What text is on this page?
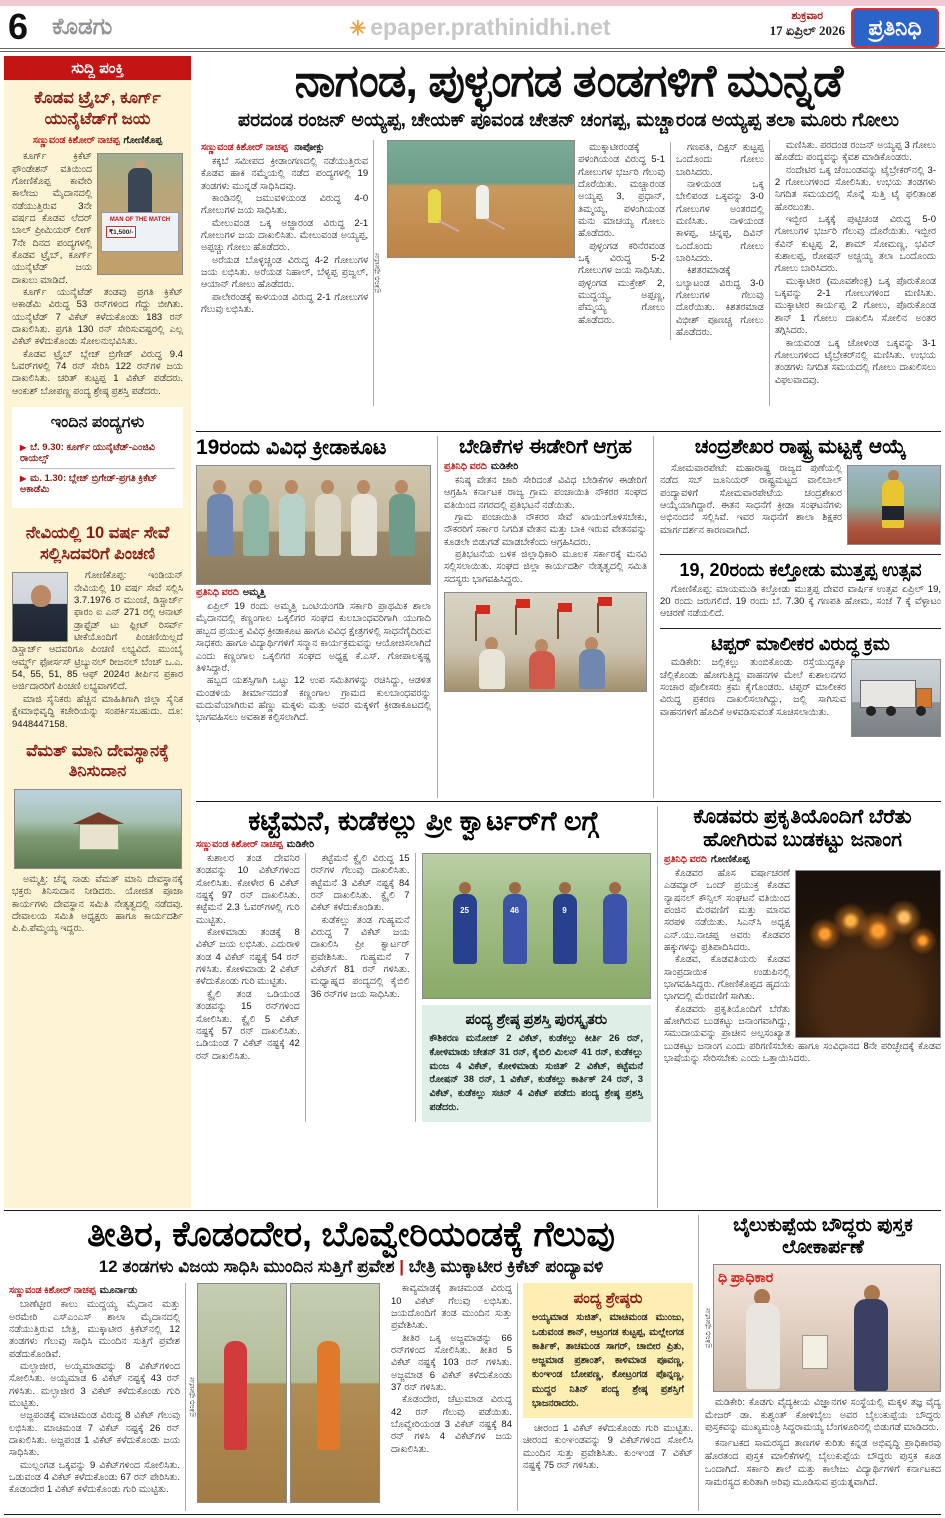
6 ಕೊಡಗು	✳ epaper.prathinidhi.net	ಶುಕ್ರವಾರ
17 ಏಪ್ರಿಲ್ 2026	ಪ್ರತಿನಿಧಿ
ಸುದ್ದಿ ಪಂಕ್ತಿ
ಕೊಡವ ಟ್ರೈಬ್, ಕೂರ್ಗ್ ಯುನೈಟೆಡ್‌ಗೆ ಜಯ
ಸಣ್ಣುವಂಡ ಕಿಶೋರ್ ನಾಚಪ್ಪ ಗೋಣಿಕೊಪ್ಪ
MAN OF THE MATCH
₹1,500/-

ಕೂರ್ಗ್ ಕ್ರಿಕೆಟ್ ಫೌಂಡೇಶನ್ ವತಿಯಿಂದ ಗೋಣಿಕೊಪ್ಪ ಕಾವೇರಿ ಕಾಲೇಜು ಮೈದಾನದಲ್ಲಿ ನಡೆಯುತ್ತಿರುವ 3ನೇ ವರ್ಷದ ಕೊಡವ ಲೆದರ್ ಬಾಲ್ ಪ್ರೀಮಿಯರ್ ಲೀಗ್ 7ನೇ ದಿನದ ಪಂದ್ಯಗಳಲ್ಲಿ ಕೊಡವ ಟ್ರೈಬ್, ಕೂರ್ಗ್ ಯುನೈಟೆಡ್ ಜಯ ದಾಖಲು ಮಾಡಿದೆ.

ಕೂರ್ಗ್ ಯುನೈಟೆಡ್ ತಂಡವು ಪ್ರಗತಿ ಕ್ರಿಕೆಟ್ ಅಕಾಡೆಮಿ ವಿರುದ್ಧ 53 ರನ್‌ಗಳಿಂದ ಗೆದ್ದು ಬೀಗಿತು. ಯುನೈಟೆಡ್ 7 ವಿಕೆಟ್ ಕಳೆದುಕೊಂಡು 183 ರನ್ ದಾಖಲಿಸಿತು. ಪ್ರಗತಿ 130 ರನ್ ಸೇರಿಸುವಷ್ಟರಲ್ಲಿ ಎಲ್ಲ ವಿಕೆಟ್ ಕಳೆದುಕೊಂಡು ಸೋಲನುಭವಿಸಿತು.

ಕೊಡವ ಟ್ರೈಬ್ ಬ್ಲೇಜ್ ಬ್ರಿಗೇಡ್ ವಿರುದ್ಧ 9.4 ಓವರ್‌ಗಳಲ್ಲಿ 74 ರನ್ ಸೇರಿಸಿ 122 ರನ್‌ಗಳ ಜಯ ದಾಖಲಿಸಿತು. ಚರಿತ್ ಕುಟ್ಟಪ್ಪ 1 ವಿಕೆಟ್ ಪಡೆದರು. ಆಂಕುಶ್ ಬೋಪಣ್ಣ ಪಂದ್ಯ ಶ್ರೇಷ್ಠ ಪ್ರಶಸ್ತಿ ಪಡೆದರು.

ಇಂದಿನ ಪಂದ್ಯಗಳು
▶ ಬೆ. 9.30: ಕೂರ್ಗ್ ಯುನೈಟೆಡ್-ಎಂಜಿವಿ ರಾಯಲ್ಸ್
▶ ಮ. 1.30: ಬ್ಲೇಜ್ ಬ್ರಿಗೇಡ್-ಪ್ರಗತಿ ಕ್ರಿಕೆಟ್ ಅಕಾಡೆಮಿ
ನೇವಿಯಲ್ಲಿ 10 ವರ್ಷ ಸೇವೆ ಸಲ್ಲಿಸಿದವರಿಗೆ ಪಿಂಚಣಿ

ಗೋಣಿಕೊಪ್ಪ: ಇಂಡಿಯನ್ ನೇವಿಯಲ್ಲಿ 10 ವರ್ಷ ಸೇವೆ ಸಲ್ಲಿಸಿ 3.7.1976 ರ ಮುಂಚೆ, ಡಿಸ್ಚಾರ್ಜ್ ಫಾರಂ ಐ ಎನ್ 271 ರಲ್ಲಿ ಆನಾಟ್ ಡ್ರಾಫ್ಟೆಡ್ ಟು ಫ್ಲೀಟ್ ರಿಸರ್ವ್ ಟೀಕೆಯೊಂದಿಗೆ ಪಿಂಚಣಿಯಿಲ್ಲದೆ ಡಿಸ್ಚಾರ್ಜ್ ಆದವರಿಗೂ ಪಿಂಚಣಿ ಲಭ್ಯವಿದೆ. ಮುಂಬೈ ಆರ್ಮ್ಡ್ ಫೋರ್ಸಸ್ ಟ್ರಿಬ್ಯುನಲ್ ರೀಜನಲ್ ಬೆಂಚ್ ಒ.ಎ. 54, 55, 51, 85 ಆಫ್ 2024ರ ತೀರ್ಪಿನ ಪ್ರಕಾರ ಅರ್ಜಿದಾರರಿಗೆ ಪಿಂಚಣಿ ಲಭ್ಯವಾಗಲಿದೆ.

ಮಾಜಿ ಸೈನಿಕರು ಹೆಚ್ಚಿನ ಮಾಹಿತಿಗಾಗಿ ಜಿಲ್ಲಾ ಸೈನಿಕ ಕ್ಷೇಮಾಭಿವೃದ್ಧಿ ಕಚೇರಿಯನ್ನು ಸಂಪರ್ಕಿಸಬಹುದು. ದೂ: 9448447158.

ವೆಮತ್ ಮಾನಿ ದೇವಸ್ಥಾನಕ್ಕೆ ತಿನಿಸುದಾನ

ಅಮ್ಮತ್ತಿ: ಚೆನ್ನ ನಾಡು ವೆಮತ್ ಮಾನಿ ದೇವಸ್ಥಾನಕ್ಕೆ ಭಕ್ತರು ತಿನಿಸುದಾನ ನೀಡಿದರು. ಯೋಜಿತ ಪೂಜಾ ಕಾರ್ಯಗಳು ದೇವಸ್ಥಾನ ಸಮಿತಿ ನೇತೃತ್ವದಲ್ಲಿ ನಡೆದವು. ದೇವಾಲಯ ಸಮಿತಿ ಅಧ್ಯಕ್ಷರು ಹಾಗೂ ಕಾರ್ಯದರ್ಶಿ ಪಿ.ಪಿ.ಪೆಮ್ಮಯ್ಯ ಇದ್ದರು.

ನಾಗಂಡ, ಪುಳ್ಳಂಗಡ ತಂಡಗಳಿಗೆ ಮುನ್ನಡೆ
ಪರದಂಡ ರಂಜನ್ ಅಯ್ಯಪ್ಪ, ಚೇಯಕ್ ಪೂವಂಡ ಚೇತನ್ ಚಂಗಪ್ಪ, ಮಚ್ಚಾರಂಡ ಅಯ್ಯಪ್ಪ ತಲಾ ಮೂರು ಗೋಲು
ಸಣ್ಣುವಂಡ ಕಿಶೋರ್ ನಾಚಪ್ಪ ನಾಪೋಕ್ಲು

ಕಕ್ಕಬೆ ಸಮೀಪದ ಕ್ರೀಡಾಂಗಣದಲ್ಲಿ ನಡೆಯುತ್ತಿರುವ ಕೊಡವ ಹಾಕಿ ನಮ್ಮೆಯಲ್ಲಿ ನಡೆದ ಪಂದ್ಯಗಳಲ್ಲಿ 19 ತಂಡಗಳು ಮುನ್ನಡೆ ಸಾಧಿಸಿದವು.

ಕಾಂಡಿನಲ್ಲಿ ಜಮುವಳಿಯಂಡ ವಿರುದ್ಧ 4-0 ಗೋಲುಗಳ ಜಯ ಸಾಧಿಸಿತು.

ಮೇಲುವಂಡ ಒಕ್ಕ ಅಜ್ಜಾರಂಡ ವಿರುದ್ಧ 2-1 ಗೋಲುಗಳ ಜಯ ದಾಖಲಿಸಿತು. ಮೇಲುವಂಡ ಅಯ್ಯಪ್ಪ, ಅಪ್ಪಚ್ಚು ಗೋಲು ಹೊಡೆದರು.

ಅರೆಯಡ ಬೊಳ್ಳಚ್ಚಂಡ ವಿರುದ್ಧ 4-2 ಗೋಲುಗಳ ಜಯ ಲಭಿಸಿತು. ಅರೆಯಡ ನಿಹಾಲ್, ಬೆಳ್ಯಪ್ಪ ಪ್ರಜ್ವಲ್, ಆಯಾನ್ ಗೋಲು ಹೊಡೆದರು.

ಪಾಲೇರಂಡಕ್ಕೆ ಕಾಳಯಂಡ ವಿರುದ್ಧ 2-1 ಗೋಲುಗಳ ಗೆಲುವು ಲಭಿಸಿತು.

ಪ್ರತಿನಿಧಿ ಫೋಟೋ

ಮುಕ್ಕಾಟೀರಂಡಕ್ಕೆ ಪಳಂಗಿಯಂಡ ವಿರುದ್ಧ 5-1 ಗೋಲುಗಳ ಭರ್ಜರಿ ಗೆಲುವು ದೊರೆಯಿತು. ಮಚ್ಚಾರಂಡ ಅಯ್ಯಪ್ಪ 3, ಪ್ರಧಾನ್, ತಿಮ್ಮಯ್ಯ, ಪಳಂಗಿಯಂಡ ಮನು ಮಾಚಯ್ಯ ಗೋಲು ಹೊಡೆದರು.

ಪುಳ್ಳಂಗಡ ಕರಿನೆರವಂಡ ಒಕ್ಕ ವಿರುದ್ಧ 5-2 ಗೋಲುಗಳ ಜಯ ಸಾಧಿಸಿತು. ಪುಳ್ಳಂಗಡ ಮುಕ್ತೇಶ್ 2, ಮುದ್ದಯ್ಯ, ಅಪ್ಪಣ್ಣ, ಪೆಮ್ಮಯ್ಯ ಗೋಲು ಹೊಡೆದರು.

ಗಣಪತಿ, ದಿಕ್ಷನ್ ಕುಟ್ಟಪ್ಪ ಒಂದೊಂದು ಗೋಲು ಬಾರಿಸಿದರು.

ನಾಳಿಯಂಡ ಒಕ್ಕ ಬೇಲಿಪಂಡ ಒಕ್ಕವನ್ನು 3-0 ಗೋಲುಗಳ ಅಂತರದಲ್ಲಿ ಮಣಿಸಿತು. ನಾಳಿಯಂಡ ಕಾಳಪ್ಪ, ಚಿನ್ನಪ್ಪ, ದಿವಿನ್ ಒಂದೊಂದು ಗೋಲು ಬಾರಿಸಿದರು.

ಕಿಶತರಮಾಡಕ್ಕೆ ಬಲ್ಯಾಟಂಡ ವಿರುದ್ಧ 3-0 ಗೋಲುಗಳ ಗೆಲುವು ದೊರೆಯಿತು. ಕಿಶತರಮಾಡ ವಿಭೀಶ್ ಪೂಣಚ್ಚ ಗೋಲು ಹೊಡೆದರು.

ಮಣಿಸಿತು. ಪರದಂಡ ರಂಜನ್ ಅಯ್ಯಪ್ಪ 3 ಗೋಲು ಹೊಡೆದು ಪಂದ್ಯವನ್ನು ಕೈವಶ ಮಾಡಿಕೊಂಡರು.

ನಂದೇಟಿರ ಒಕ್ಕ ಚೆಂಬಂಡವನ್ನು ಟೈಬ್ರೇಕರ್‌ನಲ್ಲಿ 3-2 ಗೋಲುಗಳಿಂದ ಸೋಲಿಸಿತು. ಉಭಯ ತಂಡಗಳು ನಿಗದಿತ ಸಮಯದಲ್ಲಿ ಸೊನ್ನೆ ಸುತ್ತಿ ಟೈ ಫಲಿತಾಂಶ ಹೊರಬಂತು.

ಇಬ್ಬೀರ ಒಕ್ಕಕ್ಕೆ ಪುಟ್ಟಿಚಂಡ ವಿರುದ್ಧ 5-0 ಗೋಲುಗಳ ಭರ್ಜರಿ ಗೆಲುವು ದೊರೆಯಿತು. ಇಬ್ಬೀರ ಕೆವಿನ್ ಕುಟ್ಟಪ್ಪ 2, ಶಾಮ್ ಸೋಮಣ್ಣ, ಭವಿನ್ ಕುಶಾಲಪ್ಪ, ರೋಷನ್ ಅಚ್ಚಯ್ಯ ತಲಾ ಒಂದೊಂದು ಗೋಲು ಬಾರಿಸಿದರು.

ಮುಕ್ಕಾಟೀರ (ಮೂವಶೇಂಕ್ಲ) ಒಕ್ಕ ಪೊರುಕೊಂಡ ಒಕ್ಕವನ್ನು 2-1 ಗೋಲುಗಳಿಂದ ಮಣಿಸಿತು. ಮುಕ್ಕಾಟೀರ ಕಾರ್ಯಪ್ಪ 2 ಗೋಲು, ಪೊರುಕೊಂಡ ಶಾನ್ 1 ಗೋಲು ದಾಖಲಿಸಿ ಸೋಲಿನ ಅಂತರ ತಗ್ಗಿಸಿದರು.

ಕಾಯವಂಡ ಒಕ್ಕ ಚೋಳಂಡ ಒಕ್ಕವನ್ನು 3-1 ಗೋಲುಗಳಿಂದ ಟೈಬ್ರೇಕರ್‌ನಲ್ಲಿ ಮಣಿಸಿತು. ಉಭಯ ತಂಡಗಳು ನಿಗದಿತ ಸಮಯದಲ್ಲಿ ಗೋಲು ದಾಖಲಿಸಲು ವಿಫಲವಾದವು.

19ರಂದು ವಿವಿಧ ಕ್ರೀಡಾಕೂಟ
ಪ್ರತಿನಿಧಿ ವರದಿ ಅಮ್ಮತ್ತಿ

ಏಪ್ರಿಲ್ 19 ರಂದು ಅಮ್ಮತ್ತಿ ಒಂಟಿಯಂಗಡಿ ಸರ್ಕಾರಿ ಪ್ರಾಥಮಿಕ ಶಾಲಾ ಮೈದಾನದಲ್ಲಿ ಕಣ್ಣಂಗಾಲ ಒಕ್ಕಲಿಗರ ಸಂಘದ ಕುಲಬಾಂಧವರಿಗಾಗಿ ಯುಗಾದಿ ಹಬ್ಬದ ಪ್ರಯುಕ್ತ ವಿವಿಧ ಕ್ರೀಡಾಕೂಟ ಹಾಗೂ ವಿವಿಧ ಕ್ಷೇತ್ರಗಳಲ್ಲಿ ಸಾಧನೆಗೈದಿರುವ ಸಾಧಕರು ಹಾಗೂ ವಿದ್ಯಾರ್ಥಿಗಳಿಗೆ ಸನ್ಮಾನ ಕಾರ್ಯಕ್ರಮವನ್ನು ಆಯೋಜಿಸಲಾಗಿದೆ ಎಂದು ಕಣ್ಣಂಗಾಲ ಒಕ್ಕಲಿಗರ ಸಂಘದ ಅಧ್ಯಕ್ಷ ಕೆ.ಎಸ್. ಗೋಪಾಲಕೃಷ್ಣ ತಿಳಿಸಿದ್ದಾರೆ.

ಹಬ್ಬದ ಯಶಸ್ಸಿಗಾಗಿ ಒಟ್ಟು 12 ಉಪ ಸಮಿತಿಗಳನ್ನು ರಚಿಸಿದ್ದು, ಆಡಳಿತ ಮಂಡಳಿಯ ತೀರ್ಮಾನದಂತೆ ಕಣ್ಣಂಗಾಲ ಗ್ರಾಮದ ಕುಲಬಾಂಧವರನ್ನು ಮದುವೆಯಾಗಿರುವ ಹೆಣ್ಣು ಮಕ್ಕಳು ಮತ್ತು ಅವರ ಮಕ್ಕಳಿಗೆ ಕ್ರೀಡಾಕೂಟದಲ್ಲಿ ಭಾಗವಹಿಸಲು ಅವಕಾಶ ಕಲ್ಪಿಸಲಾಗಿದೆ.

ಬೇಡಿಕೆಗಳ ಈಡೇರಿಗೆ ಆಗ್ರಹ
ಪ್ರತಿನಿಧಿ ವರದಿ ಮಡಿಕೇರಿ

ಕನಿಷ್ಠ ವೇತನ ಜಾರಿ ಸೇರಿದಂತೆ ವಿವಿಧ ಬೇಡಿಕೆಗಳ ಈಡೇರಿಗೆ ಆಗ್ರಹಿಸಿ ಕರ್ನಾಟಕ ರಾಜ್ಯ ಗ್ರಾಮ ಪಂಚಾಯಿತಿ ನೌಕರರ ಸಂಘದ ವತಿಯಿಂದ ನಗರದಲ್ಲಿ ಪ್ರತಿಭಟನೆ ನಡೆಯಿತು.

ಗ್ರಾಮ ಪಂಚಾಯಿತಿ ನೌಕರರ ಸೇವೆ ಖಾಯಂಗೊಳಿಸಬೇಕು, ನೌಕರರಿಗೆ ಸರ್ಕಾರ ನಿಗದಿತ ವೇತನ ಮತ್ತು ಬಾಕಿ ಇರುವ ವೇತನವನ್ನು ಕೂಡಲೇ ಬಿಡುಗಡೆ ಮಾಡಬೇಕೆಂದು ಆಗ್ರಹಿಸಿದರು.

ಪ್ರತಿಭಟನೆಯ ಬಳಿಕ ಜಿಲ್ಲಾಧಿಕಾರಿ ಮೂಲಕ ಸರ್ಕಾರಕ್ಕೆ ಮನವಿ ಸಲ್ಲಿಸಲಾಯಿತು. ಸಂಘದ ಜಿಲ್ಲಾ ಕಾರ್ಯದರ್ಶಿ ನೇತೃತ್ವದಲ್ಲಿ ಸಮಿತಿ ಸದಸ್ಯರು ಭಾಗವಹಿಸಿದ್ದರು.

ಚಂದ್ರಶೇಖರ ರಾಷ್ಟ್ರ ಮಟ್ಟಕ್ಕೆ ಆಯ್ಕೆ

ಸೋಮವಾರಪೇಟೆ: ಮಹಾರಾಷ್ಟ್ರ ರಾಜ್ಯದ ಪುಣೆಯಲ್ಲಿ ನಡೆದ ಸಬ್ ಜೂನಿಯರ್ ರಾಷ್ಟ್ರಮಟ್ಟದ ವಾಲಿಬಾಲ್ ಪಂದ್ಯಾವಳಿಗೆ ಸೋಮವಾರಪೇಟೆಯ ಚಂದ್ರಶೇಖರ ಆಯ್ಕೆಯಾಗಿದ್ದಾರೆ. ಈತನ ಸಾಧನೆಗೆ ಕ್ರೀಡಾ ಸಂಘಟನೆಗಳು ಅಭಿನಂದನೆ ಸಲ್ಲಿಸಿವೆ. ಇವರ ಸಾಧನೆಗೆ ಶಾಲಾ ಶಿಕ್ಷಕರ ಮಾರ್ಗದರ್ಶನ ಕಾರಣವಾಗಿದೆ.

19, 20ರಂದು ಕಲ್ತೋಡು ಮುತ್ತಪ್ಪ ಉತ್ಸವ

ಗೋಣಿಕೊಪ್ಪ: ಮಾಯಮುಡಿ ಕಲ್ತೋಡು ಮುತ್ತಪ್ಪ ದೇವರ ವಾರ್ಷಿಕ ಉತ್ಸವ ಏಪ್ರಿಲ್ 19, 20 ರಂದು ಜರುಗಲಿದೆ. 19 ರಂದು ಬೆ. 7.30 ಕ್ಕೆ ಗಣಪತಿ ಹೋಮ, ಸಂಜೆ 7 ಕ್ಕೆ ವೆಳ್ಳಾಟಂ ಆಚರಣೆ ನಡೆಯಲಿದೆ.

ಟಿಪ್ಪರ್ ಮಾಲೀಕರ ವಿರುದ್ಧ ಕ್ರಮ

ಮಡಿಕೇರಿ: ಜಲ್ಲಿಕಲ್ಲು ತುಂಬಿಕೊಂಡು ರಸ್ತೆಯುದ್ದಕ್ಕೂ ಚೆಲ್ಲಿಕೊಂಡು ಹೋಗುತ್ತಿದ್ದ ವಾಹನಗಳ ಮೇಲೆ ಕುಶಾಲನಗರ ಸಂಚಾರ ಪೊಲೀಸರು ಕ್ರಮ ಕೈಗೊಂಡರು. ಟಿಪ್ಪರ್ ಮಾಲೀಕರ ವಿರುದ್ಧ ಪ್ರಕರಣ ದಾಖಲಿಸಲಾಗಿದ್ದು, ಜಲ್ಲಿ ಸಾಗಿಸುವ ವಾಹನಗಳಿಗೆ ಹೊದಿಕೆ ಅಳವಡಿಸುವಂತೆ ಸೂಚಿಸಲಾಯಿತು.

ಕಟ್ಟೆಮನೆ, ಕುಡೆಕಲ್ಲು ಪ್ರೀ ಕ್ವಾರ್ಟರ್‌ಗೆ ಲಗ್ಗೆ
ಸಣ್ಣುವಂಡ ಕಿಶೋರ್ ನಾಚಪ್ಪ ಮಡಿಕೇರಿ

ಕುಶಾಲರ ತಂಡ ದೇವನಿರ ತಂಡವನ್ನು 10 ವಿಕೆಟ್‌ಗಳಿಂದ ಸೋಲಿಸಿತು. ಕೋಳೇರ 6 ವಿಕೆಟ್ ನಷ್ಟಕ್ಕೆ 97 ರನ್ ದಾಖಲಿಸಿತು. ಕಟ್ಟೆಮನೆ 2.3 ಓವರ್‌ಗಳಲ್ಲಿ ಗುರಿ ಮುಟ್ಟಿತು.

ಕೋಳಿಮಾಡು ತಂಡಕ್ಕೆ 8 ವಿಕೆಟ್ ಜಯ ಲಭಿಸಿತು. ಎದುರಾಳಿ ತಂಡ 4 ವಿಕೆಟ್ ನಷ್ಟಕ್ಕೆ 54 ರನ್ ಗಳಿಸಿತು. ಕೋಳಿಮಾಡು 2 ವಿಕೆಟ್ ಕಳೆದುಕೊಂಡು ಗುರಿ ಮುಟ್ಟಿತು.

ಕ್ವೈಲಿ ತಂಡ ಒಡಿಯಂಡ ತಂಡವನ್ನು 15 ರನ್‌ಗಳಿಂದ ಸೋಲಿಸಿತು. ಕ್ವೈಲಿ 5 ವಿಕೆಟ್ ನಷ್ಟಕ್ಕೆ 57 ರನ್ ದಾಖಲಿಸಿತು. ಒಡಿಯಂಡ 7 ವಿಕೆಟ್ ನಷ್ಟಕ್ಕೆ 42 ರನ್ ದಾಖಲಿಸಿತು.

ಕಟ್ಟೆಮನೆ ಕ್ವೈಲಿ ವಿರುದ್ಧ 15 ರನ್‌ಗಳ ಗೆಲುವು ದಾಖಲಿಸಿತು. ಕಟ್ಟೆಮನೆ 3 ವಿಕೆಟ್ ನಷ್ಟಕ್ಕೆ 84 ರನ್ ದಾಖಲಿಸಿತು. ಕ್ವೈಲಿ 7 ವಿಕೆಟ್ ಕಳೆದುಕೊಂಡಿತು.

ಕುಡೆಕಲ್ಲು ತಂಡ ಗುಹ್ಯಮನೆ ವಿರುದ್ಧ 7 ವಿಕೆಟ್ ಜಯ ದಾಖಲಿಸಿ ಪ್ರೀ ಕ್ವಾರ್ಟರ್ ಪ್ರವೇಶಿಸಿತು. ಗುಹ್ಯಮನೆ 7 ವಿಕೆಟ್‌ಗೆ 81 ರನ್ ಗಳಿಸಿತು. ಮಧ್ಯಾಹ್ನದ ಪಂದ್ಯದಲ್ಲಿ ಕೈಬಿಲಿ 36 ರನ್‌ಗಳ ಜಯ ಸಾಧಿಸಿತು.

25	46	9
ಪಂದ್ಯ ಶ್ರೇಷ್ಠ ಪ್ರಶಸ್ತಿ ಪುರಸ್ಕೃತರು
ಕೌಶಿಕರಣ ಮನೋಜ್ 2 ವಿಕೆಟ್, ಕುಡೆಕಲ್ಲು ಕೀರ್ತಿ 26 ರನ್, ಕೋಳಿಮಾಡು ಚೇತನ್ 31 ರನ್, ಕೈಬಿಲಿ ಮಿಲನ್ 41 ರನ್, ಕುಡೆಕಲ್ಲು ಮಂಜ 4 ವಿಕೆಟ್, ಕೋಳಿಮಾಡು ಸುಜಿತ್ 2 ವಿಕೆಟ್, ಕಟ್ಟೆಮನೆ ರೋಷನ್ 38 ರನ್, 1 ವಿಕೆಟ್, ಕುಡೆಕಲ್ಲು ಕಾರ್ತಿಕ್ 24 ರನ್, 3 ವಿಕೆಟ್, ಕುಡೆಕಲ್ಲು ಸಚಿನ್ 4 ವಿಕೆಟ್ ಪಡೆದು ಪಂದ್ಯ ಶ್ರೇಷ್ಠ ಪ್ರಶಸ್ತಿ ಪಡೆದರು.
ಕೊಡವರು ಪ್ರಕೃತಿಯೊಂದಿಗೆ ಬೆರೆತು ಹೋಗಿರುವ ಬುಡಕಟ್ಟು ಜನಾಂಗ
ಪ್ರತಿನಿಧಿ ವರದಿ ಗೋಣಿಕೊಪ್ಪ

ಕೊಡವರ ಹೊಸ ವರ್ಷಾಚರಣೆ ಎಡಮ್ಯಾರ್ ಒಂದ್ ಪ್ರಯುಕ್ತ ಕೊಡವ ನ್ಯಾಷನಲ್ ಕೌನ್ಸಿಲ್ ಸಂಘಟನೆ ವತಿಯಿಂದ ಪಂಜಿನ ಮೆರವಣಿಗೆ ಮತ್ತು ಮಾನವ ಸರಪಳಿ ನಡೆಯಿತು. ಸಿಎನ್‌ಸಿ ಅಧ್ಯಕ್ಷ ಎನ್.ಯು.ನಾಚಪ್ಪ ಅವರು ಕೊಡವರ ಹಕ್ಕುಗಳನ್ನು ಪ್ರತಿಪಾದಿಸಿದರು.

ಕೊಡವ, ಕೊಡವತಿಯರು ಕೊಡವ ಸಾಂಪ್ರದಾಯಿಕ ಉಡುಪಿನಲ್ಲಿ ಭಾಗವಹಿಸಿದ್ದರು. ಗೋಣಿಕೊಪ್ಪದ ಹೃದಯ ಭಾಗದಲ್ಲಿ ಮೆರವಣಿಗೆ ಸಾಗಿತು.

ಕೊಡವರು ಪ್ರಕೃತಿಯೊಂದಿಗೆ ಬೆರೆತು ಹೋಗಿರುವ ಬುಡಕಟ್ಟು ಜನಾಂಗವಾಗಿದ್ದು, ಸಮುದಾಯವನ್ನು ಪ್ರಾಚೀನ ಅಲ್ಪಸಂಖ್ಯಾತ ಬುಡಕಟ್ಟು ಜನಾಂಗ ಎಂದು ಪರಿಗಣಿಸಬೇಕು ಹಾಗೂ ಸಂವಿಧಾನದ 8ನೇ ಪರಿಚ್ಛೇದಕ್ಕೆ ಕೊಡವ ಭಾಷೆಯನ್ನು ಸೇರಿಸಬೇಕು ಎಂದು ಒತ್ತಾಯಿಸಿದರು.

ತೀತಿರ, ಕೊಡಂದೇರ, ಬೊವ್ವೇರಿಯಂಡಕ್ಕೆ ಗೆಲುವು
12 ತಂಡಗಳು ವಿಜಯ ಸಾಧಿಸಿ ಮುಂದಿನ ಸುತ್ತಿಗೆ ಪ್ರವೇಶ | ಬೇತ್ರಿ ಮುಕ್ಕಾಟೀರ ಕ್ರಿಕೆಟ್ ಪಂದ್ಯಾವಳಿ
ಸಣ್ಣುವಂಡ ಕಿಶೋರ್ ನಾಚಪ್ಪ ಮೂರ್ನಾಡು

ಬಾಣೆಟ್ಟೀರ ಕಾಲು ಮುದ್ದಯ್ಯ ಮೈದಾನ ಮತ್ತು ಅರಮೇರಿ ಎಸ್‌ಎಂಎಸ್ ಶಾಲಾ ಮೈದಾನದಲ್ಲಿ ನಡೆಯುತ್ತಿರುವ ಬೇತ್ರಿ, ಮುಕ್ಕಾಟೀರ ಕ್ರಿಕೆಟ್‌ನಲ್ಲಿ 12 ತಂಡಗಳು ಗೆಲುವು ಸಾಧಿಸಿ ಮುಂದಿನ ಸುತ್ತಿಗೆ ಪ್ರವೇಶ ಪಡೆದುಕೊಂಡಿವೆ.

ಮಲ್ಛಾಜೀರ, ಅಯ್ಯಮಾಡವನ್ನು 8 ವಿಕೆಟ್‌ಗಳಿಂದ ಸೋಲಿಸಿತು. ಅಯ್ಯಮಾಡ 6 ವಿಕೆಟ್ ನಷ್ಟಕ್ಕೆ 43 ರನ್ ಗಳಿಸಿತು. ಮಲ್ಛಾಜೀರ 3 ವಿಕೆಟ್ ಕಳೆದುಕೊಂಡು ಗುರಿ ಮುಟ್ಟಿತು.

ಅಜ್ಜಪಂಡಕ್ಕೆ ಮಾಚಿಮಂಡ ವಿರುದ್ಧ 8 ವಿಕೆಟ್ ಗೆಲುವು ಲಭಿಸಿತು. ಮಾಚಿಮಂಡ 7 ವಿಕೆಟ್ ನಷ್ಟಕ್ಕೆ 26 ರನ್ ದಾಖಲಿಸಿತು. ಅಜ್ಜಪಂಡ 1 ವಿಕೆಟ್ ಕಳೆದುಕೊಂಡು ಜಯ ಸಾಧಿಸಿತು.

ಮುಲ್ಲಂಗಡ ಒಕ್ಕವನ್ನು 9 ವಿಕೆಟ್‌ಗಳಿಂದ ಸೋಲಿಸಿತು. ಒಡುವಂಡ 4 ವಿಕೆಟ್ ಕಳೆದುಕೊಂಡು 67 ರನ್ ಪೇರಿಸಿತು. ಕೊಡಂದೇರ 1 ವಿಕೆಟ್ ಕಳೆದುಕೊಂಡು ಗುರಿ ಮುಟ್ಟಿತು.

ಪ್ರತಿನಿಧಿ ಫೋಟೋ

ಕಾವ್ಯಮಾಡಕ್ಕೆ ತಾಚಮಂಡ ವಿರುದ್ಧ 10 ವಿಕೆಟ್ ಗೆಲುವು ಲಭಿಸಿತು. ಜಯದೊಂದಿಗೆ ತಂಡ ಮುಂದಿನ ಸುತ್ತು ಪ್ರವೇಶಿಸಿತು.

ತೀತಿರ ಒಕ್ಕ ಅಜ್ಜಮಾಡನ್ನು 66 ರನ್‌ಗಳಿಂದ ಸೋಲಿಸಿತು. ತೀತಿರ 5 ವಿಕೆಟ್ ನಷ್ಟಕ್ಕೆ 103 ರನ್ ಗಳಿಸಿತು. ಅಜ್ಜಮಾಡ 6 ವಿಕೆಟ್ ಕಳೆದುಕೊಂಡು 37 ರನ್ ಗಳಿಸಿತು.

ಕೊಡಂದೇರ, ಚೆಟ್ರುಮಾಡ ವಿರುದ್ಧ 42 ರನ್ ಗೆಲುವು ಪಡೆಯಿತು. ಬೊವ್ವೇರಿಯಂಡ 3 ವಿಕೆಟ್ ನಷ್ಟಕ್ಕೆ 84 ರನ್ ಗಳಿಸಿ 4 ವಿಕೆಟ್‌ಗಳ ಜಯ ದಾಖಲಿಸಿತು.

ಪಂದ್ಯ ಶ್ರೇಷ್ಠರು
ಅಯ್ಯಮಾಡ ಸುಜಿತ್, ಮಾಚಿಮಂಡ ಮುಂಜು, ಒಡುವಂಡ ಶಾನ್, ಆಟ್ರಂಗಡ ಕುಟ್ಟಪ್ಪ, ಮಲ್ಲೇಂಗಡ ಕಾರ್ತಿಕ್, ತಾಚಮಂಡ ಸಾಗರ್, ಚಾಬೀರ ಪ್ರಿತು, ಅಜ್ಜಮಾಡ ಪ್ರಶಾಂತ್, ಕಾಳಿಮಾಡ ಪೂವಣ್ಣ, ಕುಂಞಂಡ ಬೋಪಣ್ಣ, ಕೋಟ್ರಂಗಡ ಪೊನ್ನಣ್ಣ, ಮುದ್ದರ ನಿತಿನ್ ಪಂದ್ಯ ಶ್ರೇಷ್ಠ ಪ್ರಶಸ್ತಿಗೆ ಭಾಜನರಾದರು.

ಚೀರಂದ 1 ವಿಕೆಟ್ ಕಳೆದುಕೊಂಡು ಗುರಿ ಮುಟ್ಟಿತು. ಚೀರಂದ ಕುಂಞಂಡವನ್ನು 9 ವಿಕೆಟ್‌ಗಳಿಂದ ಸೋಲಿಸಿ ಮುಂದಿನ ಸುತ್ತು ಪ್ರವೇಶಿಸಿತು. ಕುಂಞಂಡ 7 ವಿಕೆಟ್ ನಷ್ಟಕ್ಕೆ 75 ರನ್ ಗಳಿಸಿತು.

ಬೈಲುಕುಪ್ಪೆಯ ಬೌದ್ಧರು ಪುಸ್ತಕ ಲೋಕಾರ್ಪಣೆ
ಪ್ರತಿನಿಧಿ ಫೋಟೋ
ಧಿ ಪ್ರಾಧಿಕಾರ

ಮಡಿಕೇರಿ: ಕೊಡಗು ವೈದ್ಯಕೀಯ ವಿಜ್ಞಾನಗಳ ಸಂಸ್ಥೆಯಲ್ಲಿ ಮಕ್ಕಳ ತಜ್ಞ ವೈದ್ಯ ಮೇಜರ್ ಡಾ. ಕುಶ್ವಂತ್ ಕೋಳಿಬೈಲು ಅವರ ಬೈಲುಕುಪ್ಪೆಯ ಬೌದ್ಧರು ಪುಸ್ತಕವನ್ನು ಮುಖ್ಯಮಂತ್ರಿ ಸಿದ್ದರಾಮಯ್ಯ ಬೆಂಗಳೂರಿನಲ್ಲಿ ಬಿಡುಗಡೆ ಮಾಡಿದರು.

ಕರ್ನಾಟಕದ ಸಾಮರಸ್ಯದ ತಾಣಗಳ ಕುರಿತು ಕನ್ನಡ ಅಭಿವೃದ್ಧಿ ಪ್ರಾಧಿಕಾರವು ಹೊರತಂದ ಪುಸ್ತಕ ಮಾಲಿಕೆಗಳಲ್ಲಿ ಬೈಲುಕುಪ್ಪೆಯ ಬೌದ್ಧರು ಪುಸ್ತಕ ಕೂಡ ಒಂದಾಗಿದೆ. ಸರ್ಕಾರಿ ಶಾಲೆ ಮತ್ತು ಕಾಲೇಜು ವಿದ್ಯಾರ್ಥಿಗಳಿಗೆ ಕರ್ನಾಟಕದ ಸಾಮರಸ್ಯದ ಕುರಿತಾಗಿ ಅರಿವು ಮೂಡಿಸುವ ಪ್ರಯತ್ನವಾಗಿದೆ.
